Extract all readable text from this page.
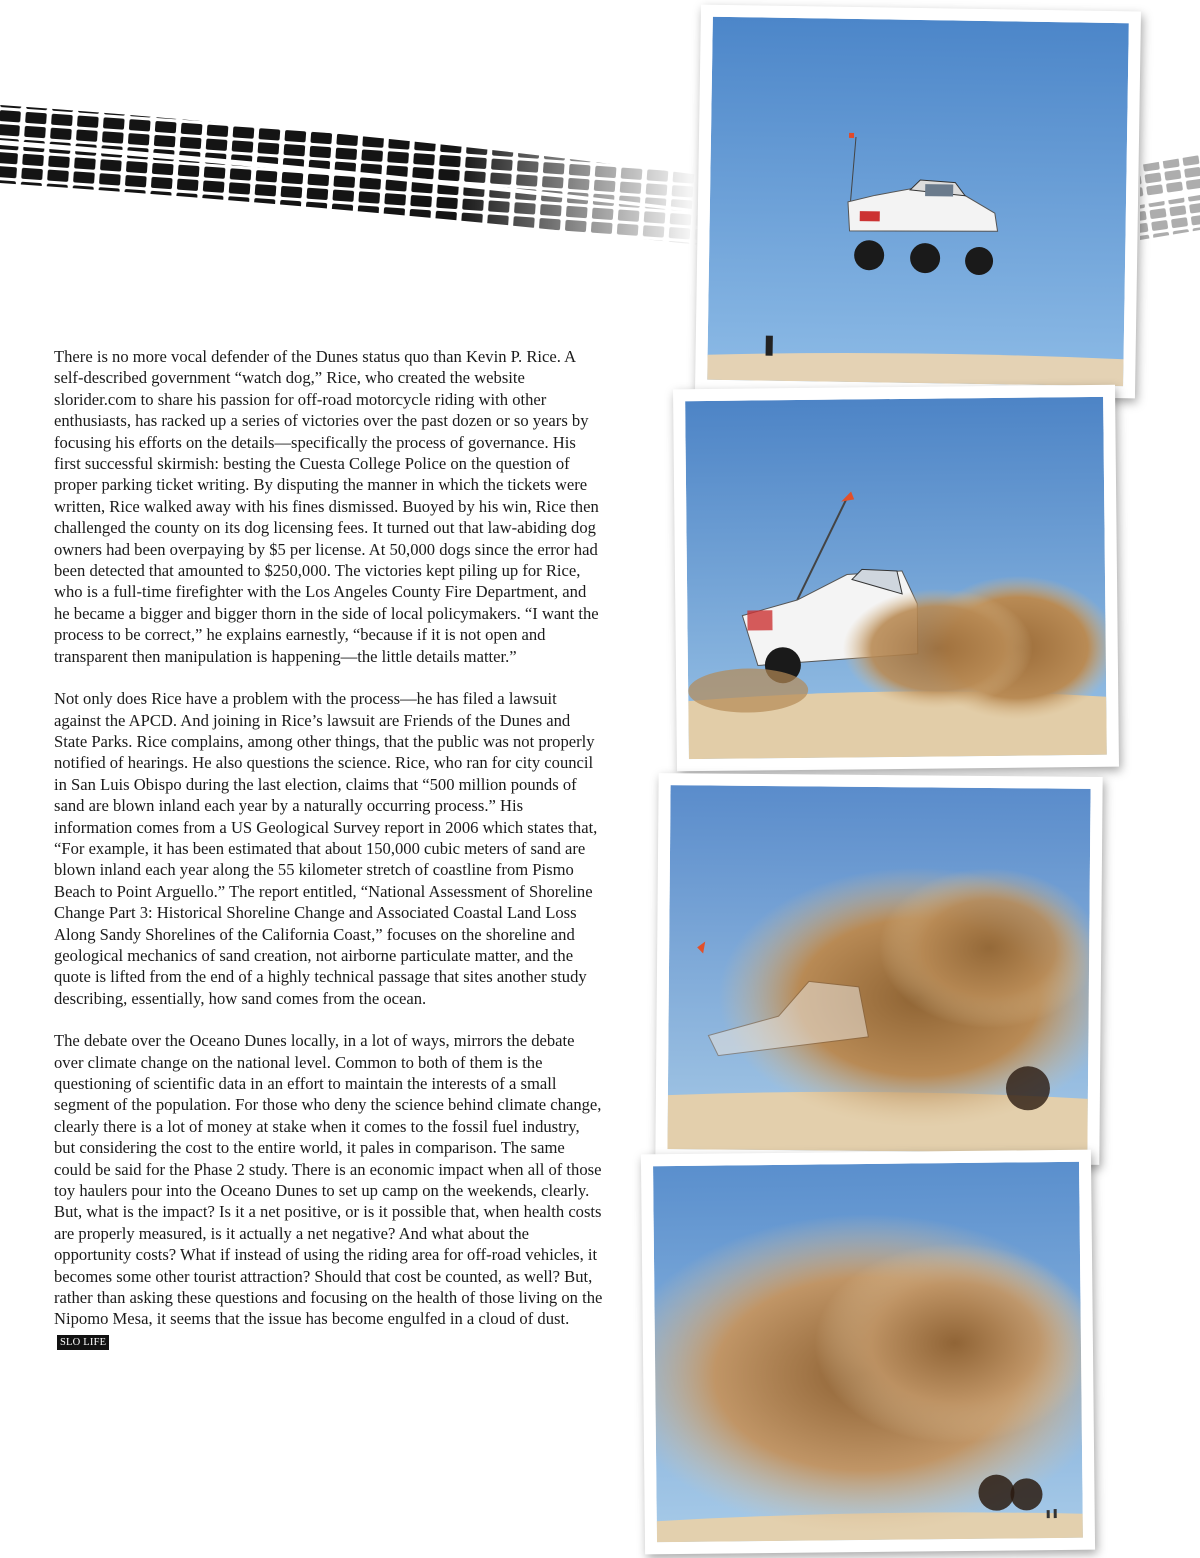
There is no more vocal defender of the Dunes status quo than Kevin P. Rice. A self-described government “watch dog,” Rice, who created the website slorider.com to share his passion for off-road motorcycle riding with other enthusiasts, has racked up a series of victories over the past dozen or so years by focusing his efforts on the details—specifically the process of governance. His first successful skirmish: besting the Cuesta College Police on the question of proper parking ticket writing. By disputing the manner in which the tickets were written, Rice walked away with his fines dismissed. Buoyed by his win, Rice then challenged the county on its dog licensing fees. It turned out that law-abiding dog owners had been overpaying by $5 per license. At 50,000 dogs since the error had been detected that amounted to $250,000. The victories kept piling up for Rice, who is a full-time firefighter with the Los Angeles County Fire Department, and he became a bigger and bigger thorn in the side of local policymakers. “I want the process to be correct,” he explains earnestly, “because if it is not open and transparent then manipulation is happening—the little details matter.”

Not only does Rice have a problem with the process—he has filed a lawsuit against the APCD. And joining in Rice’s lawsuit are Friends of the Dunes and State Parks. Rice complains, among other things, that the public was not properly notified of hearings. He also questions the science. Rice, who ran for city council in San Luis Obispo during the last election, claims that “500 million pounds of sand are blown inland each year by a naturally occurring process.” His information comes from a US Geological Survey report in 2006 which states that, “For example, it has been estimated that about 150,000 cubic meters of sand are blown inland each year along the 55 kilometer stretch of coastline from Pismo Beach to Point Arguello.” The report entitled, “National Assessment of Shoreline Change Part 3: Historical Shoreline Change and Associated Coastal Land Loss Along Sandy Shorelines of the California Coast,” focuses on the shoreline and geological mechanics of sand creation, not airborne particulate matter, and the quote is lifted from the end of a highly technical passage that sites another study describing, essentially, how sand comes from the ocean.

The debate over the Oceano Dunes locally, in a lot of ways, mirrors the debate over climate change on the national level. Common to both of them is the questioning of scientific data in an effort to maintain the interests of a small segment of the population. For those who deny the science behind climate change, clearly there is a lot of money at stake when it comes to the fossil fuel industry, but considering the cost to the entire world, it pales in comparison. The same could be said for the Phase 2 study. There is an economic impact when all of those toy haulers pour into the Oceano Dunes to set up camp on the weekends, clearly. But, what is the impact? Is it a net positive, or is it possible that, when health costs are properly measured, is it actually a net negative? And what about the opportunity costs? What if instead of using the riding area for off-road vehicles, it becomes some other tourist attraction? Should that cost be counted, as well? But, rather than asking these questions and focusing on the health of those living on the Nipomo Mesa, it seems that the issue has become engulfed in a cloud of dust.SLO LIFE
